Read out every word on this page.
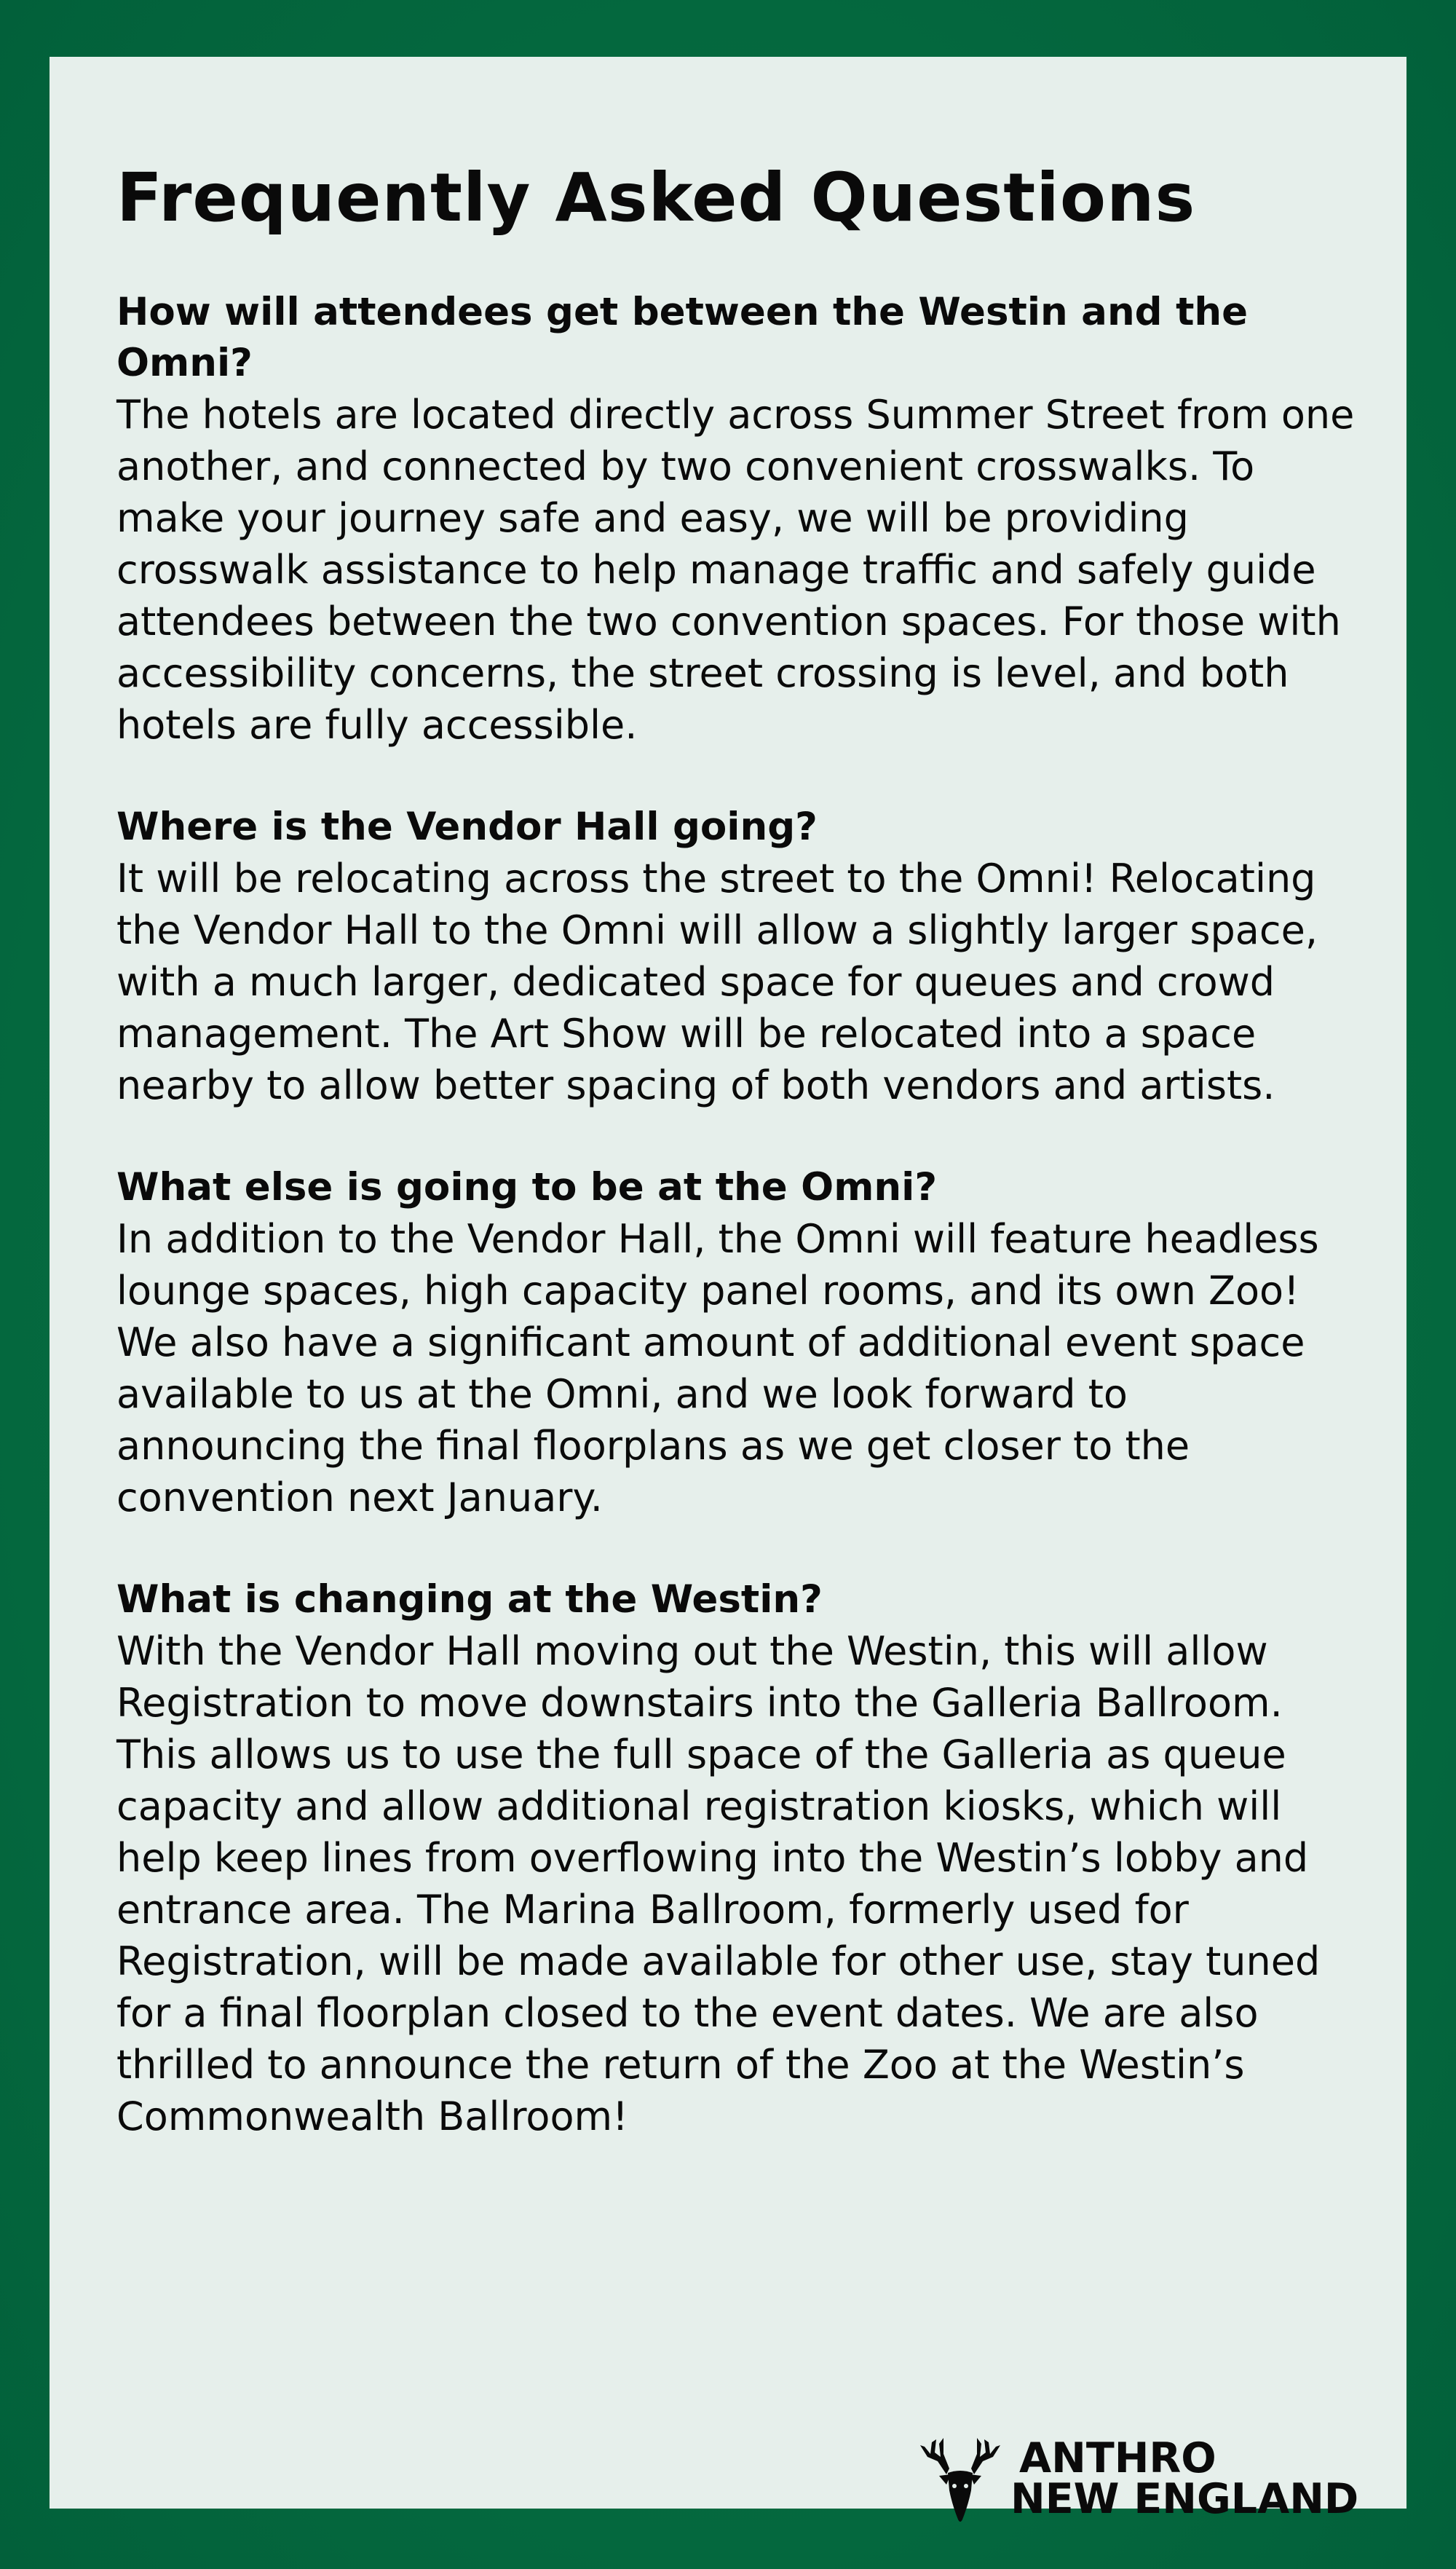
Frequently Asked Questions

How will attendees get between the Westin and the Omni?

The hotels are located directly across Summer Street from one another, and connected by two convenient crosswalks. To make your journey safe and easy, we will be providing crosswalk assistance to help manage traffic and safely guide attendees between the two convention spaces. For those with accessibility concerns, the street crossing is level, and both hotels are fully accessible.

Where is the Vendor Hall going?

It will be relocating across the street to the Omni! Relocating the Vendor Hall to the Omni will allow a slightly larger space, with a much larger, dedicated space for queues and crowd management. The Art Show will be relocated into a space nearby to allow better spacing of both vendors and artists.

What else is going to be at the Omni?

In addition to the Vendor Hall, the Omni will feature headless lounge spaces, high capacity panel rooms, and its own Zoo! We also have a significant amount of additional event space available to us at the Omni, and we look forward to announcing the final floorplans as we get closer to the convention next January.

What is changing at the Westin?

With the Vendor Hall moving out the Westin, this will allow Registration to move downstairs into the Galleria Ballroom. This allows us to use the full space of the Galleria as queue capacity and allow additional registration kiosks, which will help keep lines from overflowing into the Westin’s lobby and entrance area. The Marina Ballroom, formerly used for Registration, will be made available for other use, stay tuned for a final floorplan closed to the event dates. We are also thrilled to announce the return of the Zoo at the Westin’s Commonwealth Ballroom!

ANTHRO
NEW ENGLAND
